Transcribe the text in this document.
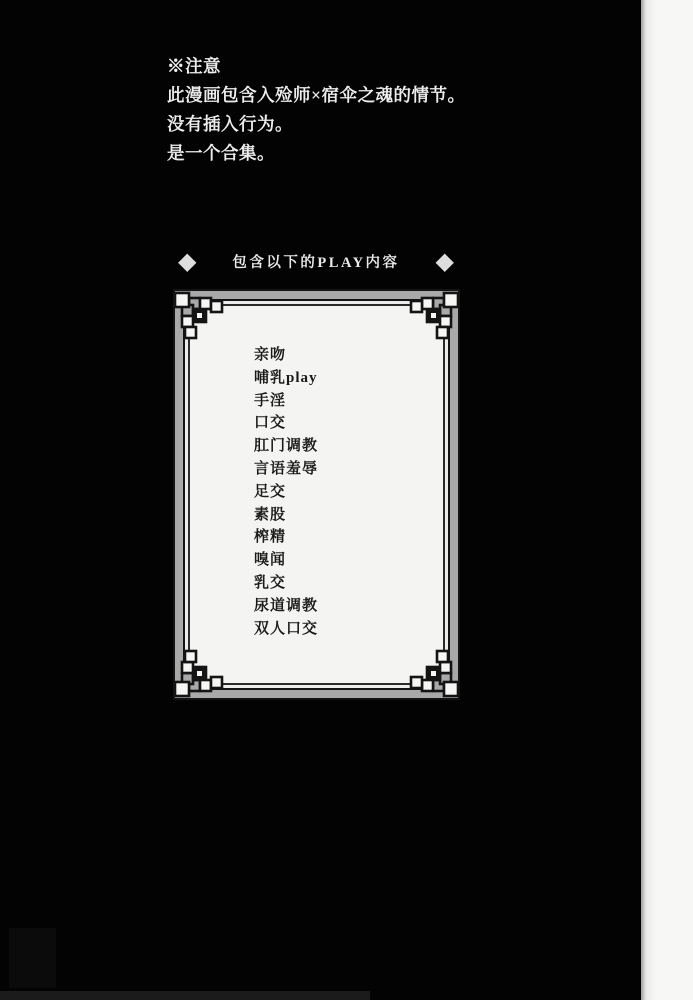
※注意
此漫画包含入殓师×宿伞之魂的情节。
没有插入行为。
是一个合集。
◆ 包含以下的PLAY内容 ◆
亲吻
哺乳play
手淫
口交
肛门调教
言语羞辱
足交
素股
榨精
嗅闻
乳交
尿道调教
双人口交
